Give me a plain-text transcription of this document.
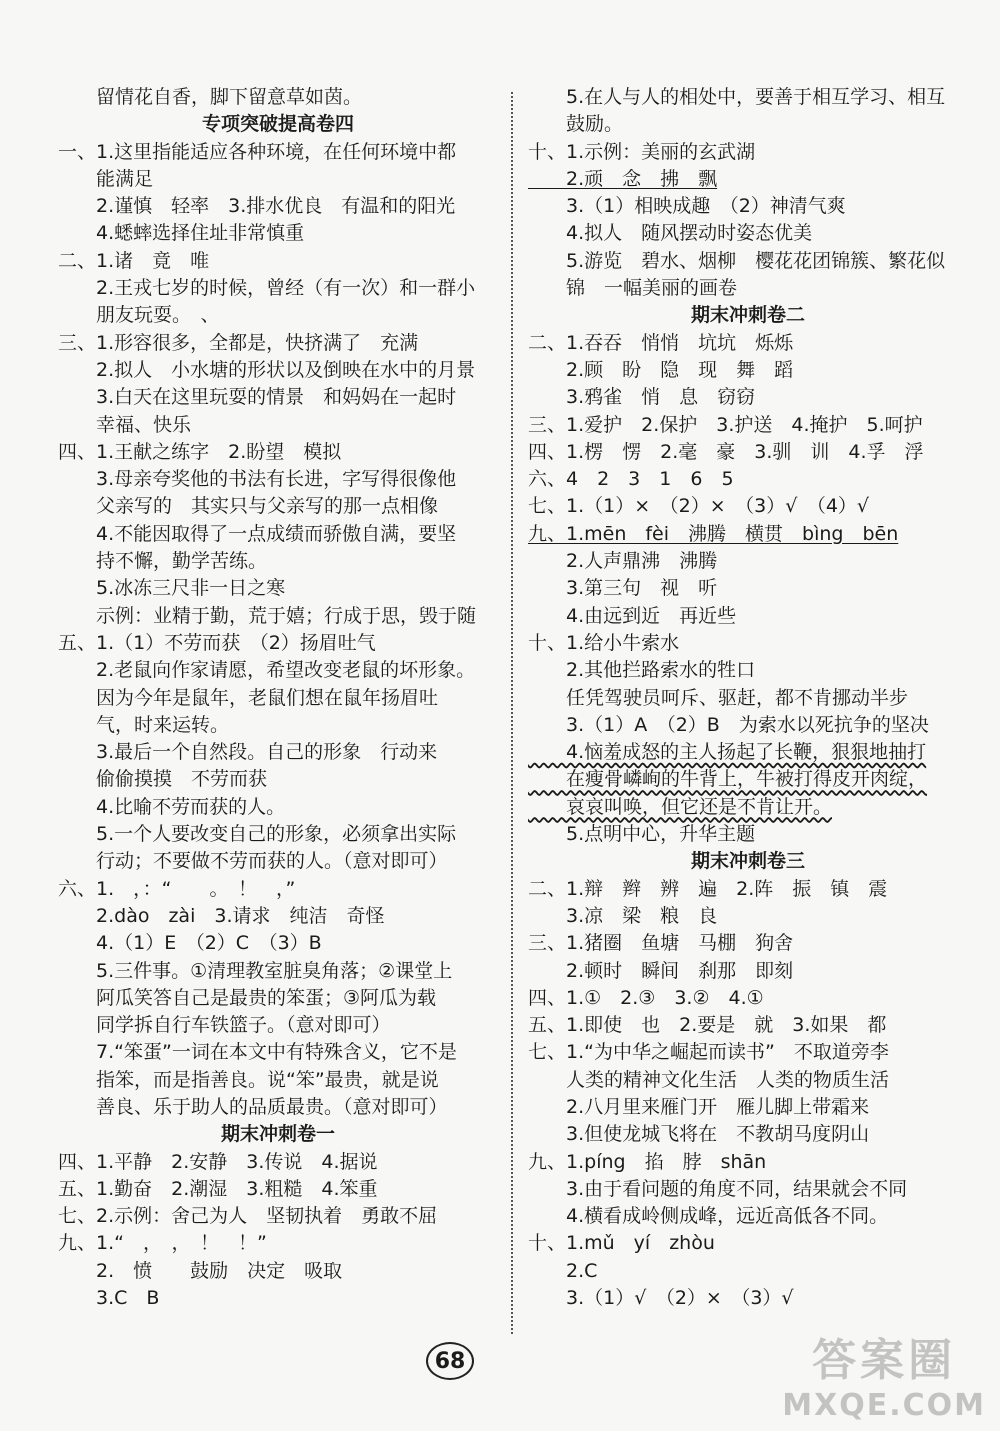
　　留情花自香，脚下留意草如茵。
专项突破提高卷四
一、1.这里指能适应各种环境，在任何环境中都
　　能满足
　　2.谨慎　轻率　3.排水优良　有温和的阳光
　　4.蟋蟀选择住址非常慎重
二、1.诸　竟　唯
　　2.王戎七岁的时候，曾经（有一次）和一群小
　　朋友玩耍。　、
三、1.形容很多，全都是，快挤满了　充满
　　2.拟人　小水塘的形状以及倒映在水中的月景
　　3.白天在这里玩耍的情景　和妈妈在一起时
　　幸福、快乐
四、1.王献之练字　2.盼望　模拟
　　3.母亲夸奖他的书法有长进，字写得很像他
　　父亲写的　其实只与父亲写的那一点相像
　　4.不能因取得了一点成绩而骄傲自满，要坚
　　持不懈，勤学苦练。
　　5.冰冻三尺非一日之寒
　　示例：业精于勤，荒于嬉；行成于思，毁于随
五、1.（1）不劳而获　（2）扬眉吐气
　　2.老鼠向作家请愿，希望改变老鼠的坏形象。
　　因为今年是鼠年，老鼠们想在鼠年扬眉吐
　　气，时来运转。
　　3.最后一个自然段。自己的形象　行动来
　　偷偷摸摸　不劳而获
　　4.比喻不劳而获的人。
　　5.一个人要改变自己的形象，必须拿出实际
　　行动；不要做不劳而获的人。（意对即可）
六、1.　，：“　　。　！　，”
　　2.dào　zài　3.请求　纯洁　奇怪
　　4.（1）E　（2）C　（3）B
　　5.三件事。①清理教室脏臭角落；②课堂上
　　阿瓜笑答自己是最贵的笨蛋；③阿瓜为载
　　同学拆自行车铁篮子。（意对即可）
　　7.“笨蛋”一词在本文中有特殊含义，它不是
　　指笨，而是指善良。说“笨”最贵，就是说
　　善良、乐于助人的品质最贵。（意对即可）
期末冲刺卷一
四、1.平静　2.安静　3.传说　4.据说
五、1.勤奋　2.潮湿　3.粗糙　4.笨重
七、2.示例：舍己为人　坚韧执着　勇敢不屈
九、1.“　，　，　！　！”
　　2.　愤　　鼓励　决定　吸取
　　3.C　B
　　5.在人与人的相处中，要善于相互学习、相互
　　鼓励。
十、1.示例：美丽的玄武湖
　　2.顽　念　拂　飘
　　3.（1）相映成趣　（2）神清气爽
　　4.拟人　随风摆动时姿态优美
　　5.游览　碧水、烟柳　樱花花团锦簇、繁花似
　　锦　一幅美丽的画卷
期末冲刺卷二
二、1.吞吞　悄悄　坑坑　烁烁
　　2.顾　盼　隐　现　舞　蹈
　　3.鸦雀　悄　息　窃窃
三、1.爱护　2.保护　3.护送　4.掩护　5.呵护
四、1.楞　愣　2.毫　豪　3.驯　训　4.孚　浮
六、4　2　3　1　6　5
七、1.（1）×　（2）×　（3）√　（4）√
九、1.mēn　fèi　沸腾　横贯　bìng　bēn
　　2.人声鼎沸　沸腾
　　3.第三句　视　听
　　4.由远到近　再近些
十、1.给小牛索水
　　2.其他拦路索水的牲口
　　任凭驾驶员呵斥、驱赶，都不肯挪动半步
　　3.（1）A　（2）B　为索水以死抗争的坚决
　　4.恼羞成怒的主人扬起了长鞭，狠狠地抽打
　　在瘦骨嶙峋的牛背上，牛被打得皮开肉绽，
　　哀哀叫唤，但它还是不肯让开。
　　5.点明中心，升华主题
期末冲刺卷三
二、1.辩　辫　辨　遍　2.阵　振　镇　震
　　3.凉　梁　粮　良
三、1.猪圈　鱼塘　马棚　狗舍
　　2.顿时　瞬间　刹那　即刻
四、1.①　2.③　3.②　4.①
五、1.即使　也　2.要是　就　3.如果　都
七、1.“为中华之崛起而读书”　不取道旁李
　　人类的精神文化生活　人类的物质生活
　　2.八月里来雁门开　雁儿脚上带霜来
　　3.但使龙城飞将在　不教胡马度阴山
九、1.píng　掐　脖　shān
　　3.由于看问题的角度不同，结果就会不同
　　4.横看成岭侧成峰，远近高低各不同。
十、1.mǔ　yí　zhòu
　　2.C
　　3.（1）√　（2）×　（3）√
68	答案圈
MXQE.COM
